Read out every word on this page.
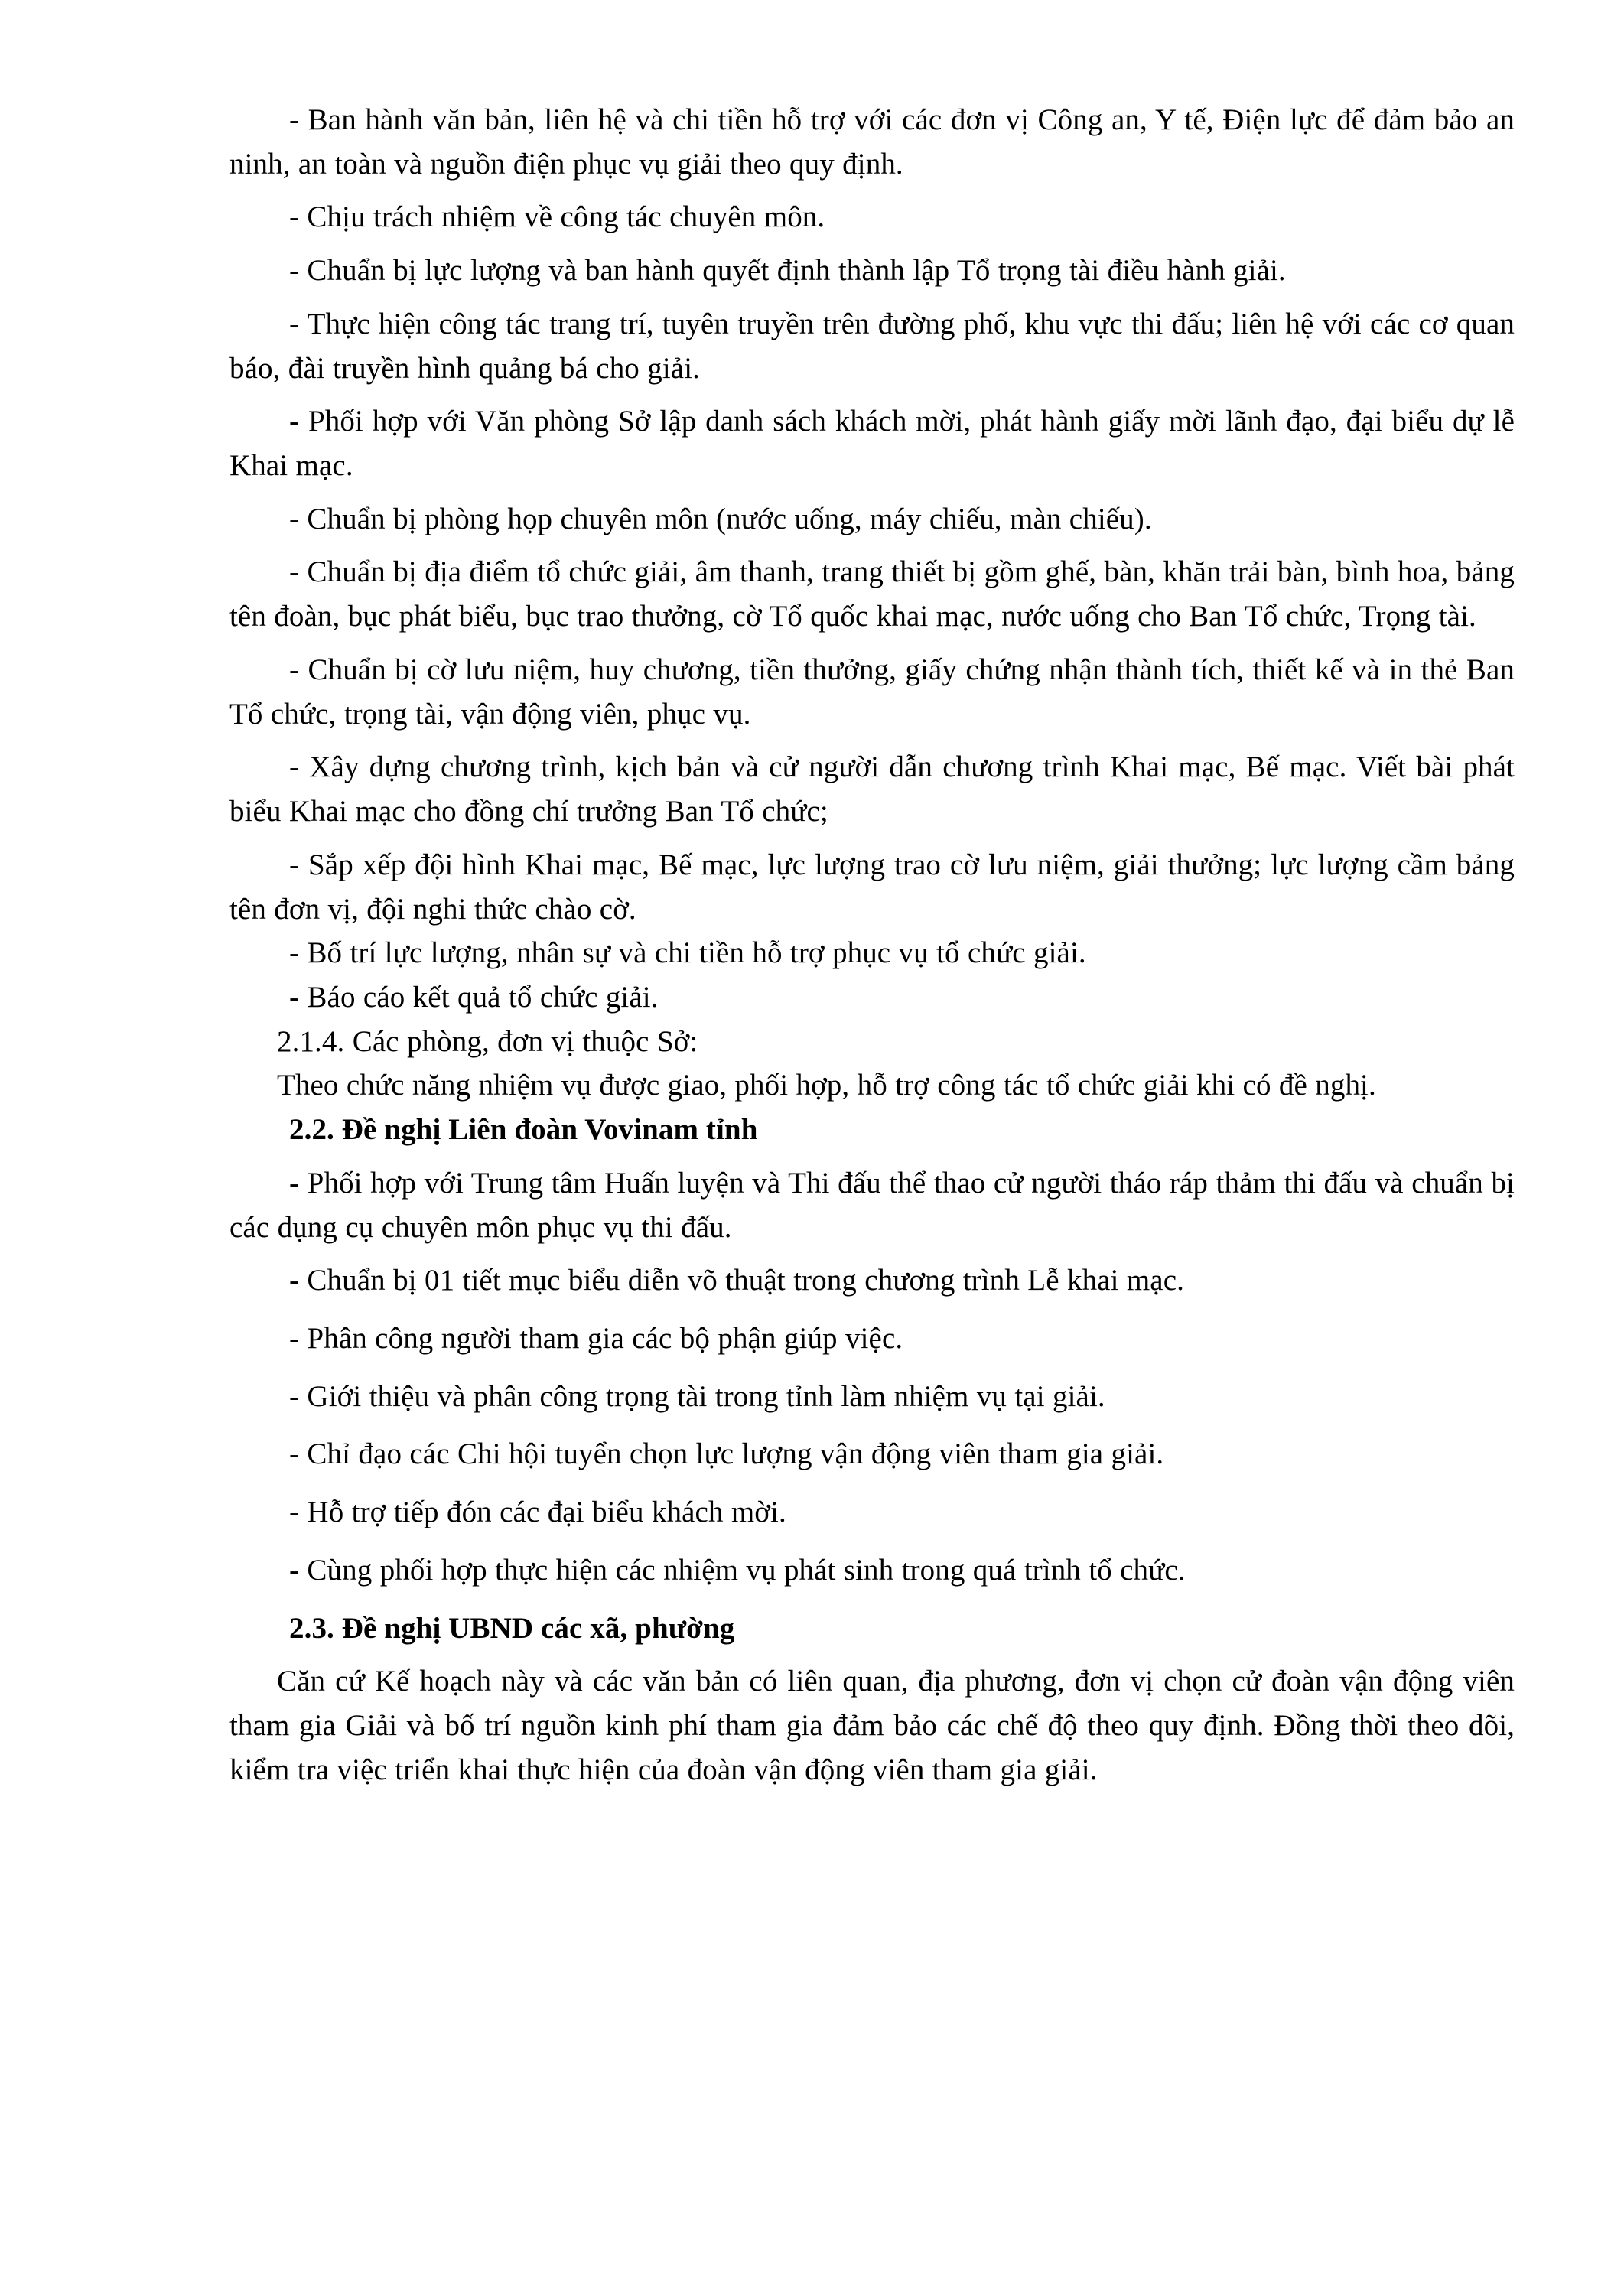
- Ban hành văn bản, liên hệ và chi tiền hỗ trợ với các đơn vị Công an, Y tế, Điện lực để đảm bảo an ninh, an toàn và nguồn điện phục vụ giải theo quy định.

- Chịu trách nhiệm về công tác chuyên môn.

- Chuẩn bị lực lượng và ban hành quyết định thành lập Tổ trọng tài điều hành giải.

- Thực hiện công tác trang trí, tuyên truyền trên đường phố, khu vực thi đấu; liên hệ với các cơ quan báo, đài truyền hình quảng bá cho giải.

- Phối hợp với Văn phòng Sở lập danh sách khách mời, phát hành giấy mời lãnh đạo, đại biểu dự lễ Khai mạc.

- Chuẩn bị phòng họp chuyên môn (nước uống, máy chiếu, màn chiếu).

- Chuẩn bị địa điểm tổ chức giải, âm thanh, trang thiết bị gồm ghế, bàn, khăn trải bàn, bình hoa, bảng tên đoàn, bục phát biểu, bục trao thưởng, cờ Tổ quốc khai mạc, nước uống cho Ban Tổ chức, Trọng tài.

- Chuẩn bị cờ lưu niệm, huy chương, tiền thưởng, giấy chứng nhận thành tích, thiết kế và in thẻ Ban Tổ chức, trọng tài, vận động viên, phục vụ.

- Xây dựng chương trình, kịch bản và cử người dẫn chương trình Khai mạc, Bế mạc. Viết bài phát biểu Khai mạc cho đồng chí trưởng Ban Tổ chức;

- Sắp xếp đội hình Khai mạc, Bế mạc, lực lượng trao cờ lưu niệm, giải thưởng; lực lượng cầm bảng tên đơn vị, đội nghi thức chào cờ.

- Bố trí lực lượng, nhân sự và chi tiền hỗ trợ phục vụ tổ chức giải.

- Báo cáo kết quả tổ chức giải.

2.1.4. Các phòng, đơn vị thuộc Sở:

Theo chức năng nhiệm vụ được giao, phối hợp, hỗ trợ công tác tổ chức giải khi có đề nghị.

2.2. Đề nghị Liên đoàn Vovinam tỉnh

- Phối hợp với Trung tâm Huấn luyện và Thi đấu thể thao cử người tháo ráp thảm thi đấu và chuẩn bị các dụng cụ chuyên môn phục vụ thi đấu.

- Chuẩn bị 01 tiết mục biểu diễn võ thuật trong chương trình Lễ khai mạc.

- Phân công người tham gia các bộ phận giúp việc.

- Giới thiệu và phân công trọng tài trong tỉnh làm nhiệm vụ tại giải.

- Chỉ đạo các Chi hội tuyển chọn lực lượng vận động viên tham gia giải.

- Hỗ trợ tiếp đón các đại biểu khách mời.

- Cùng phối hợp thực hiện các nhiệm vụ phát sinh trong quá trình tổ chức.

2.3. Đề nghị UBND các xã, phường

Căn cứ Kế hoạch này và các văn bản có liên quan, địa phương, đơn vị chọn cử đoàn vận động viên tham gia Giải và bố trí nguồn kinh phí tham gia đảm bảo các chế độ theo quy định. Đồng thời theo dõi, kiểm tra việc triển khai thực hiện của đoàn vận động viên tham gia giải.
